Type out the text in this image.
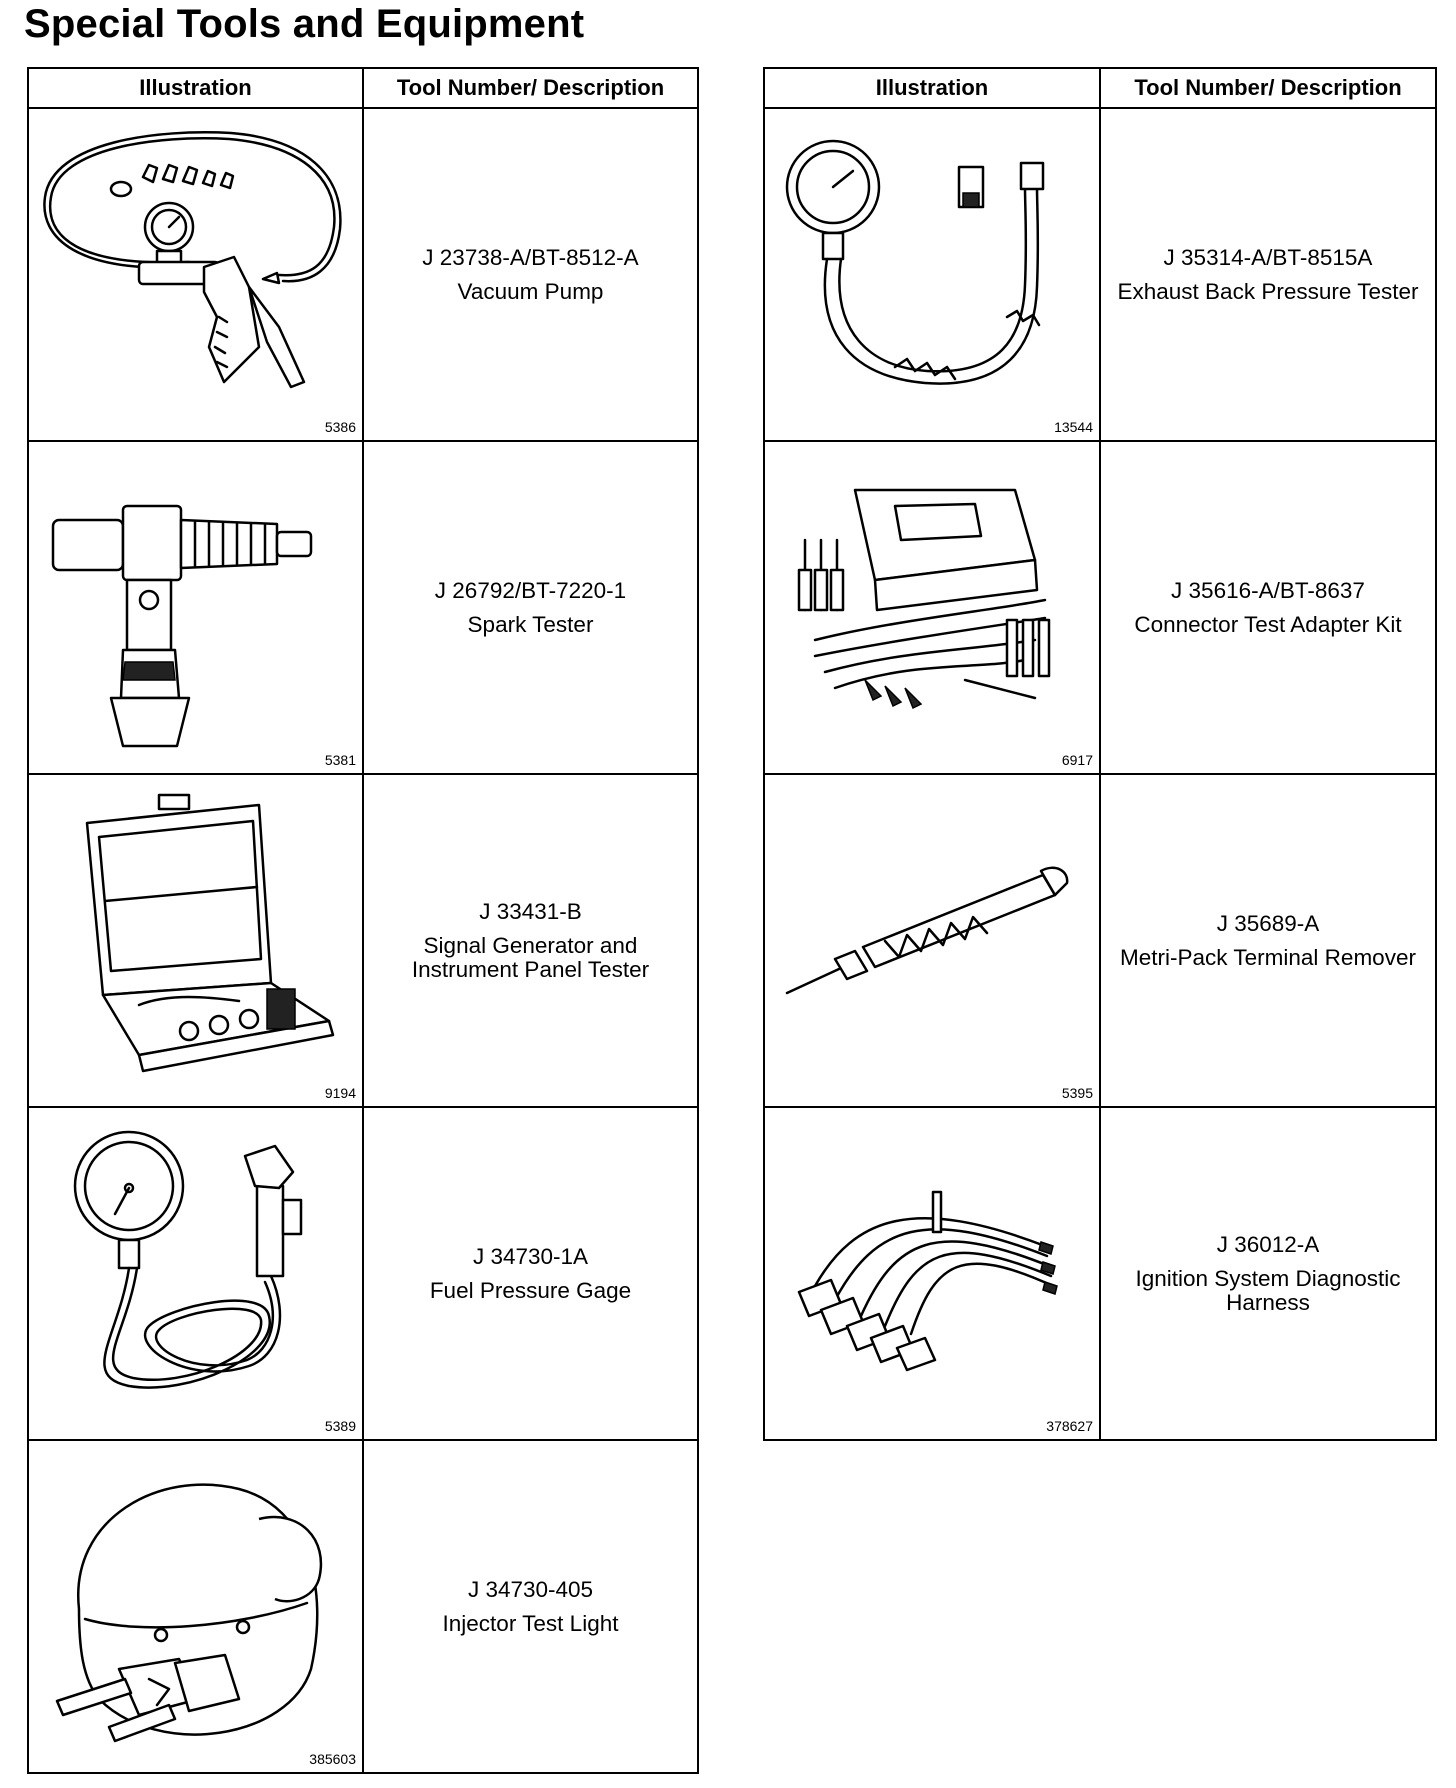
Special Tools and Equipment
Illustration	Tool Number/ Description

5386	J 23738-A/BT-8512-A
Vacuum Pump

5381	J 26792/BT-7220-1
Spark Tester

9194	J 33431-B
Signal Generator and Instrument Panel Tester

5389	J 34730-1A
Fuel Pressure Gage

385603	J 34730-405
Injector Test Light
Illustration	Tool Number/ Description

13544	J 35314-A/BT-8515A
Exhaust Back Pressure Tester

6917	J 35616-A/BT-8637
Connector Test Adapter Kit

5395	J 35689-A
Metri-Pack Terminal Remover

378627	J 36012-A
Ignition System Diagnostic Harness
